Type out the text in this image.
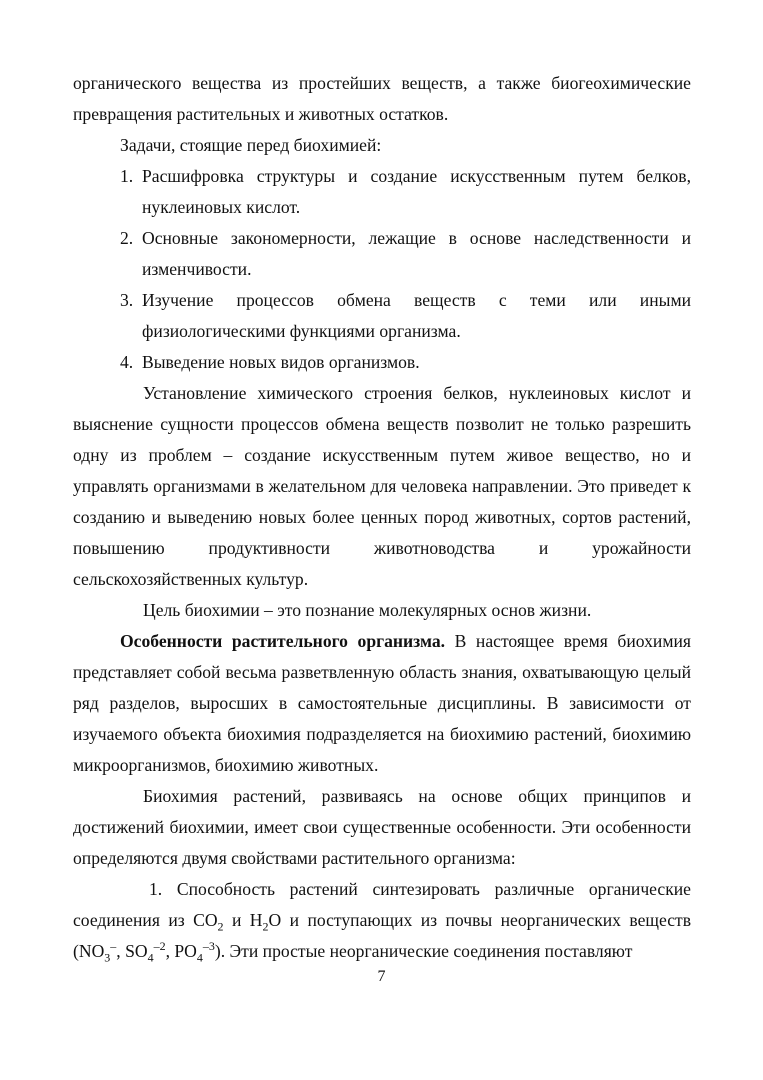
органического вещества из простейших веществ, а также биогеохимические
превращения растительных и животных остатков.

Задачи, стоящие перед биохимией:

1. Расшифровка структуры и создание искусственным путем белков,
нуклеиновых кислот.
2. Основные закономерности, лежащие в основе наследственности и
изменчивости.
3. Изучение процессов обмена веществ с теми или иными
физиологическими функциями организма.
4. Выведение новых видов организмов.

Установление химического строения белков, нуклеиновых кислот и выяснение сущности процессов обмена веществ позволит не только разрешить одну из проблем – создание искусственным путем живое вещество, но и управлять организмами в желательном для человека направлении. Это приведет к созданию и выведению новых более ценных пород животных, сортов растений, повышению продуктивности животноводства и урожайности сельскохозяйственных культур.

Цель биохимии – это познание молекулярных основ жизни.

Особенности растительного организма. В настоящее время биохимия представляет собой весьма разветвленную область знания, охватывающую целый ряд разделов, выросших в самостоятельные дисциплины. В зависимости от изучаемого объекта биохимия подразделяется на биохимию растений, биохимию микроорганизмов, биохимию животных.

Биохимия растений, развиваясь на основе общих принципов и достижений биохимии, имеет свои существенные особенности. Эти особенности определяются двумя свойствами растительного организма:

1. Способность растений синтезировать различные органические соединения из $CO_2$ и $H_2O$ и поступающих из почвы неорганических веществ ($NO_3^-$, $SO_4^{-2}$, $PO_4^{-3}$). Эти простые неорганические соединения поставляют

7
